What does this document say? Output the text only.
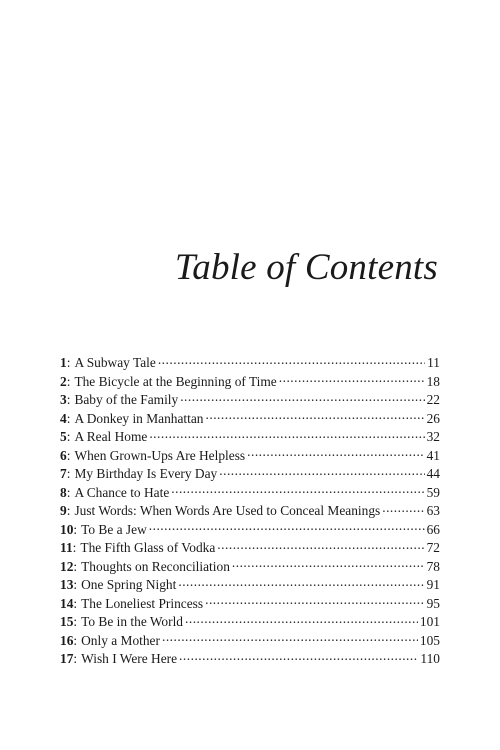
Table of Contents
1 : A Subway Tale .....	11
2 : The Bicycle at the Beginning of Time .....	18
3 : Baby of the Family .....	22
4 : A Donkey in Manhattan .....	26
5 : A Real Home .....	32
6 : When Grown-Ups Are Helpless .....	41
7 : My Birthday Is Every Day .....	44
8 : A Chance to Hate .....	59
9 : Just Words: When Words Are Used to Conceal Meanings .....	63
10 : To Be a Jew .....	66
11 : The Fifth Glass of Vodka .....	72
12 : Thoughts on Reconciliation .....	78
13 : One Spring Night .....	91
14 : The Loneliest Princess .....	95
15 : To Be in the World .....	101
16 : Only a Mother .....	105
17 : Wish I Were Here .....	110
